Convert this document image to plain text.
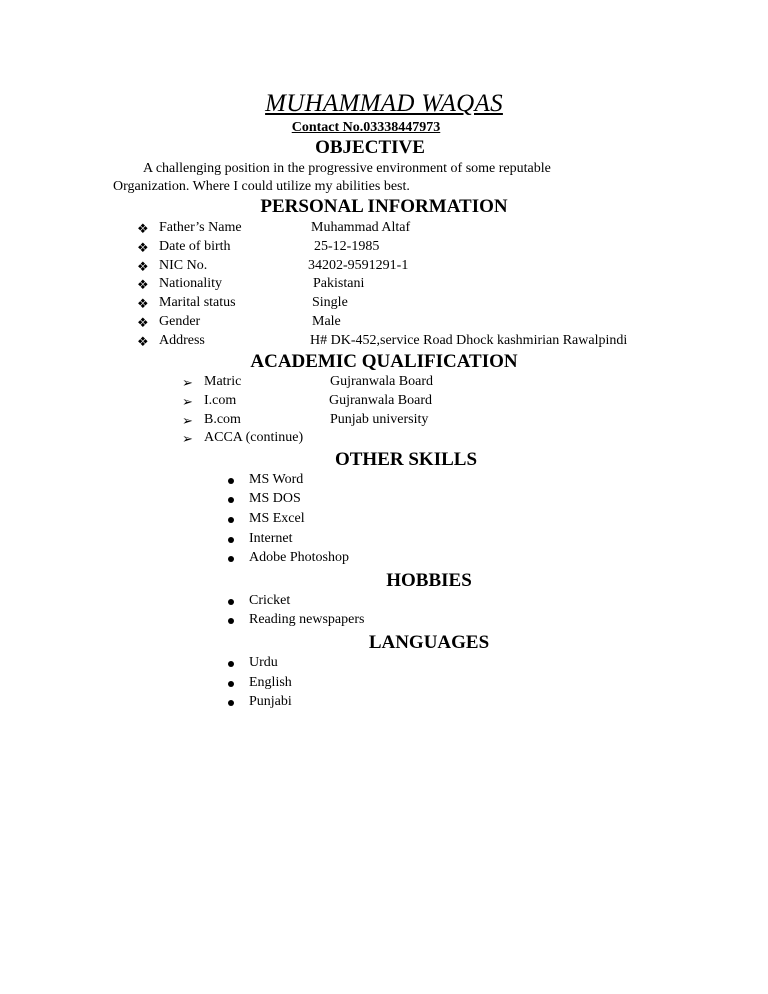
MUHAMMAD WAQAS
Contact No.03338447973
OBJECTIVE
A challenging position in the progressive environment of some reputable
Organization. Where I could utilize my abilities best.
PERSONAL INFORMATION
❖ Father’s Name	Muhammad Altaf
❖ Date of birth	25-12-1985
❖ NIC No.	34202-9591291-1
❖ Nationality	Pakistani
❖ Marital status	Single
❖ Gender	Male
❖ Address	H# DK-452,service Road Dhock kashmirian Rawalpindi
ACADEMIC QUALIFICATION
➢ Matric	Gujranwala Board
➢ I.com	Gujranwala Board
➢ B.com	Punjab university
➢ ACCA (continue)
OTHER SKILLS
MS Word
MS DOS
MS Excel
Internet
Adobe Photoshop
HOBBIES
Cricket
Reading newspapers
LANGUAGES
Urdu
English
Punjabi
